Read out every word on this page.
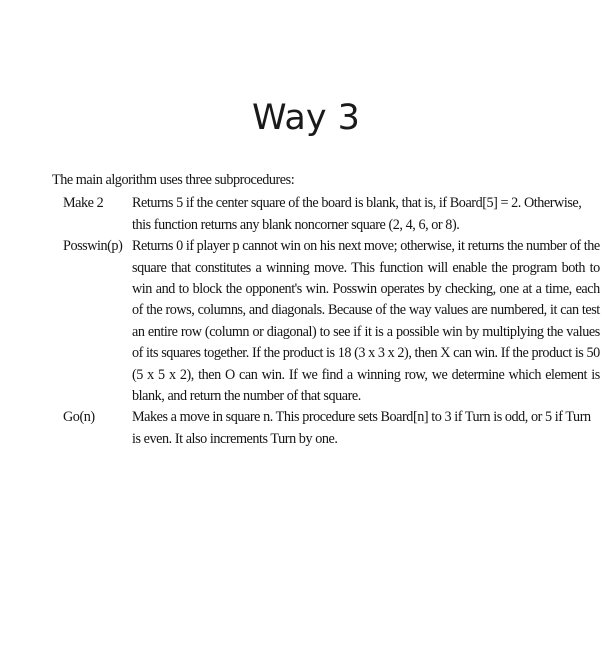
Way 3
The main algorithm uses three subprocedures:
Make 2	Returns 5 if the center square of the board is blank, that is, if Board[5] = 2. Otherwise,
this function returns any blank noncorner square (2, 4, 6, or 8).
Posswin(p) Returns 0 if player p cannot win on his next move; otherwise, it returns the number of the
square that constitutes a winning move. This function will enable the program both to
win and to block the opponent's win. Posswin operates by checking, one at a time, each
of the rows, columns, and diagonals. Because of the way values are numbered, it can test
an entire row (column or diagonal) to see if it is a possible win by multiplying the values
of its squares together. If the product is 18 (3 x 3 x 2), then X can win. If the product is 50
(5 x 5 x 2), then O can win. If we find a winning row, we determine which element is
blank, and return the number of that square.
Go(n)	Makes a move in square n. This procedure sets Board[n] to 3 if Turn is odd, or 5 if Turn
is even. It also increments Turn by one.
